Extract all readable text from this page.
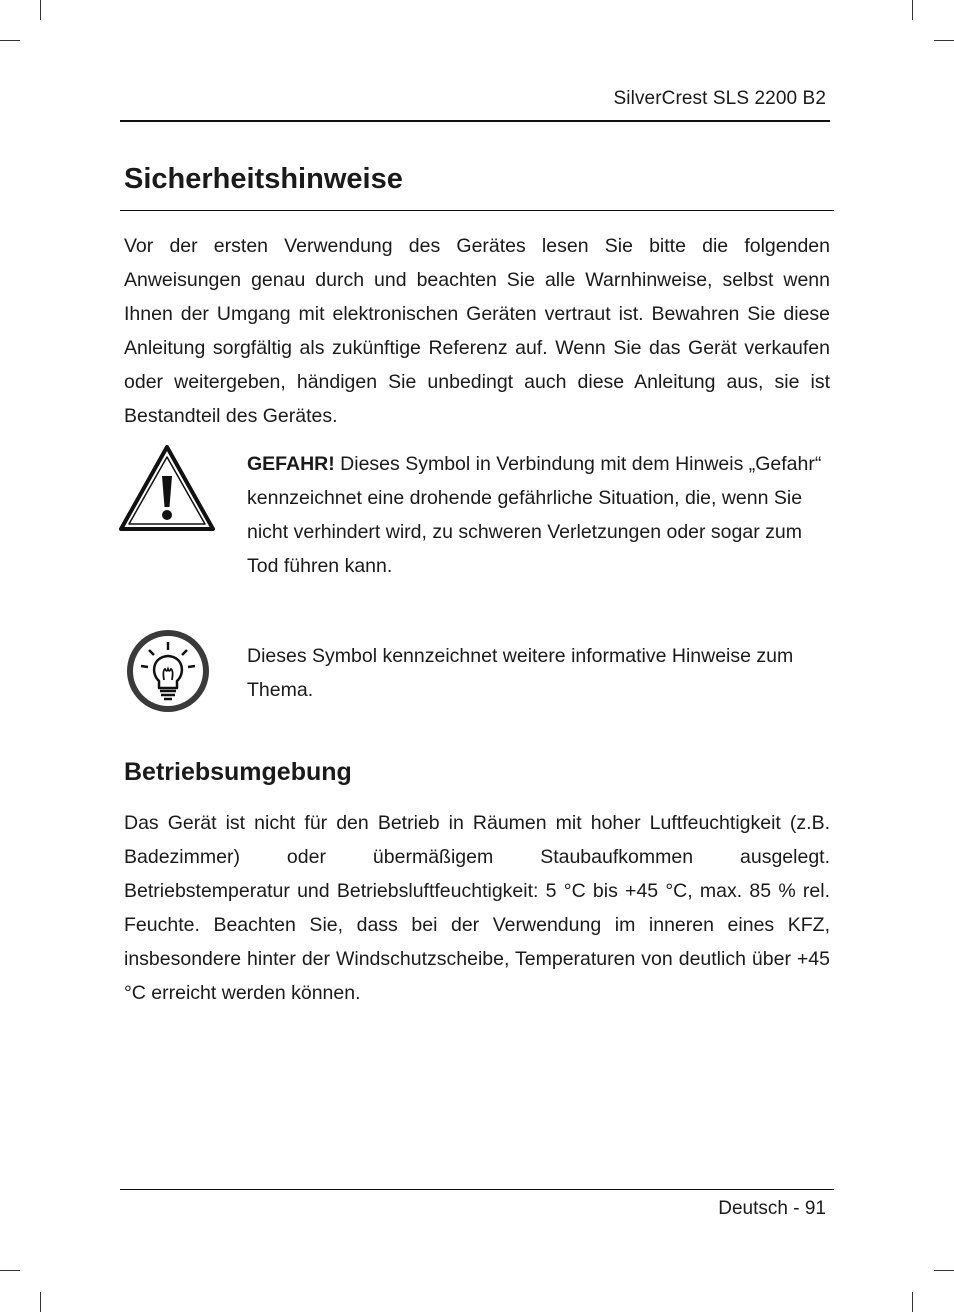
SilverCrest SLS 2200 B2
Sicherheitshinweise

Vor der ersten Verwendung des Gerätes lesen Sie bitte die folgenden Anweisungen genau durch und beachten Sie alle Warnhinweise, selbst wenn Ihnen der Umgang mit elektronischen Geräten vertraut ist. Bewahren Sie diese Anleitung sorgfältig als zukünftige Referenz auf. Wenn Sie das Gerät verkaufen oder weitergeben, händigen Sie unbedingt auch diese Anleitung aus, sie ist Bestandteil des Gerätes.

GEFAHR! Dieses Symbol in Verbindung mit dem Hinweis „Gefahr“ kennzeichnet eine drohende gefährliche Situation, die, wenn Sie nicht verhindert wird, zu schweren Verletzungen oder sogar zum Tod führen kann.

Dieses Symbol kennzeichnet weitere informative Hinweise zum Thema.

Betriebsumgebung

Das Gerät ist nicht für den Betrieb in Räumen mit hoher Luftfeuchtigkeit (z.B. Badezimmer) oder übermäßigem Staubaufkommen ausgelegt. Betriebstemperatur und Betriebsluftfeuchtigkeit: 5 °C bis +45 °C, max. 85 % rel. Feuchte. Beachten Sie, dass bei der Verwendung im inneren eines KFZ, insbesondere hinter der Windschutzscheibe, Temperaturen von deutlich über +45 °C erreicht werden können.

Deutsch - 91
